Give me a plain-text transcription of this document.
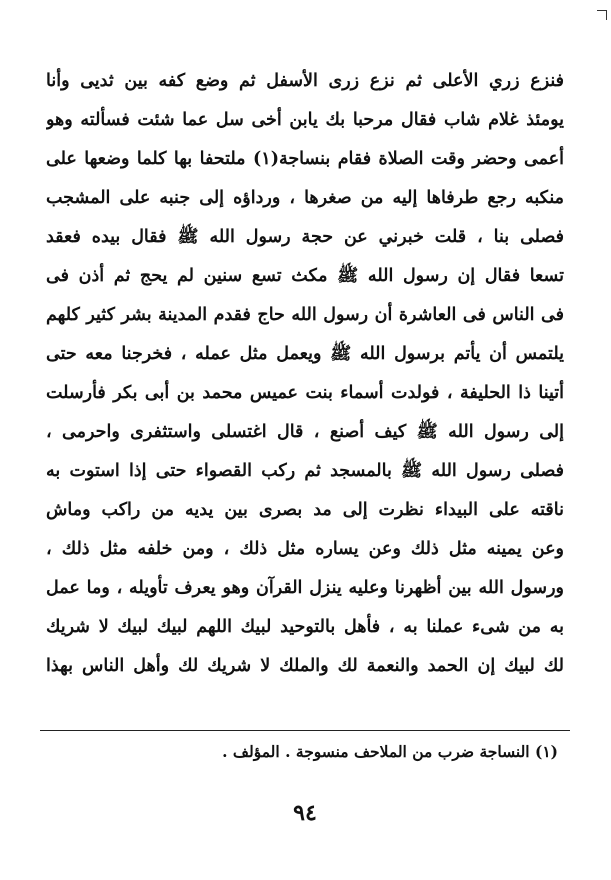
فنزع زري الأعلى ثم نزع زرى الأسفل ثم وضع كفه بين ثديى وأنا
يومئذ غلام شاب فقال مرحبا بك يابن أخى سل عما شئت فسألته وهو
أعمى وحضر وقت الصلاة فقام بنساجة(١) ملتحفا بها كلما وضعها على
منكبه رجع طرفاها إليه من صغرها ، ورداؤه إلى جنبه على المشجب
فصلى بنا ، قلت خبرني عن حجة رسول الله ﷺ فقال بيده فعقد
تسعا فقال إن رسول الله ﷺ مكث تسع سنين لم يحج ثم أذن فى
فى الناس فى العاشرة أن رسول الله حاج فقدم المدينة بشر كثير كلهم
يلتمس أن يأتم برسول الله ﷺ ويعمل مثل عمله ، فخرجنا معه حتى
أتينا ذا الحليفة ، فولدت أسماء بنت عميس محمد بن أبى بكر فأرسلت
إلى رسول الله ﷺ كيف أصنع ، قال اغتسلى واستثفرى واحرمى ،
فصلى رسول الله ﷺ بالمسجد ثم ركب القصواء حتى إذا استوت به
ناقته على البيداء نظرت إلى مد بصرى بين يديه من راكب وماش
وعن يمينه مثل ذلك وعن يساره مثل ذلك ، ومن خلفه مثل ذلك ،
ورسول الله بين أظهرنا وعليه ينزل القرآن وهو يعرف تأويله ، وما عمل
به من شىء عملنا به ، فأهل بالتوحيد لبيك اللهم لبيك لبيك لا شريك
لك لبيك إن الحمد والنعمة لك والملك لا شريك لك وأهل الناس بهذا
(١) النساجة ضرب من الملاحف منسوجة . المؤلف .
٩٤
